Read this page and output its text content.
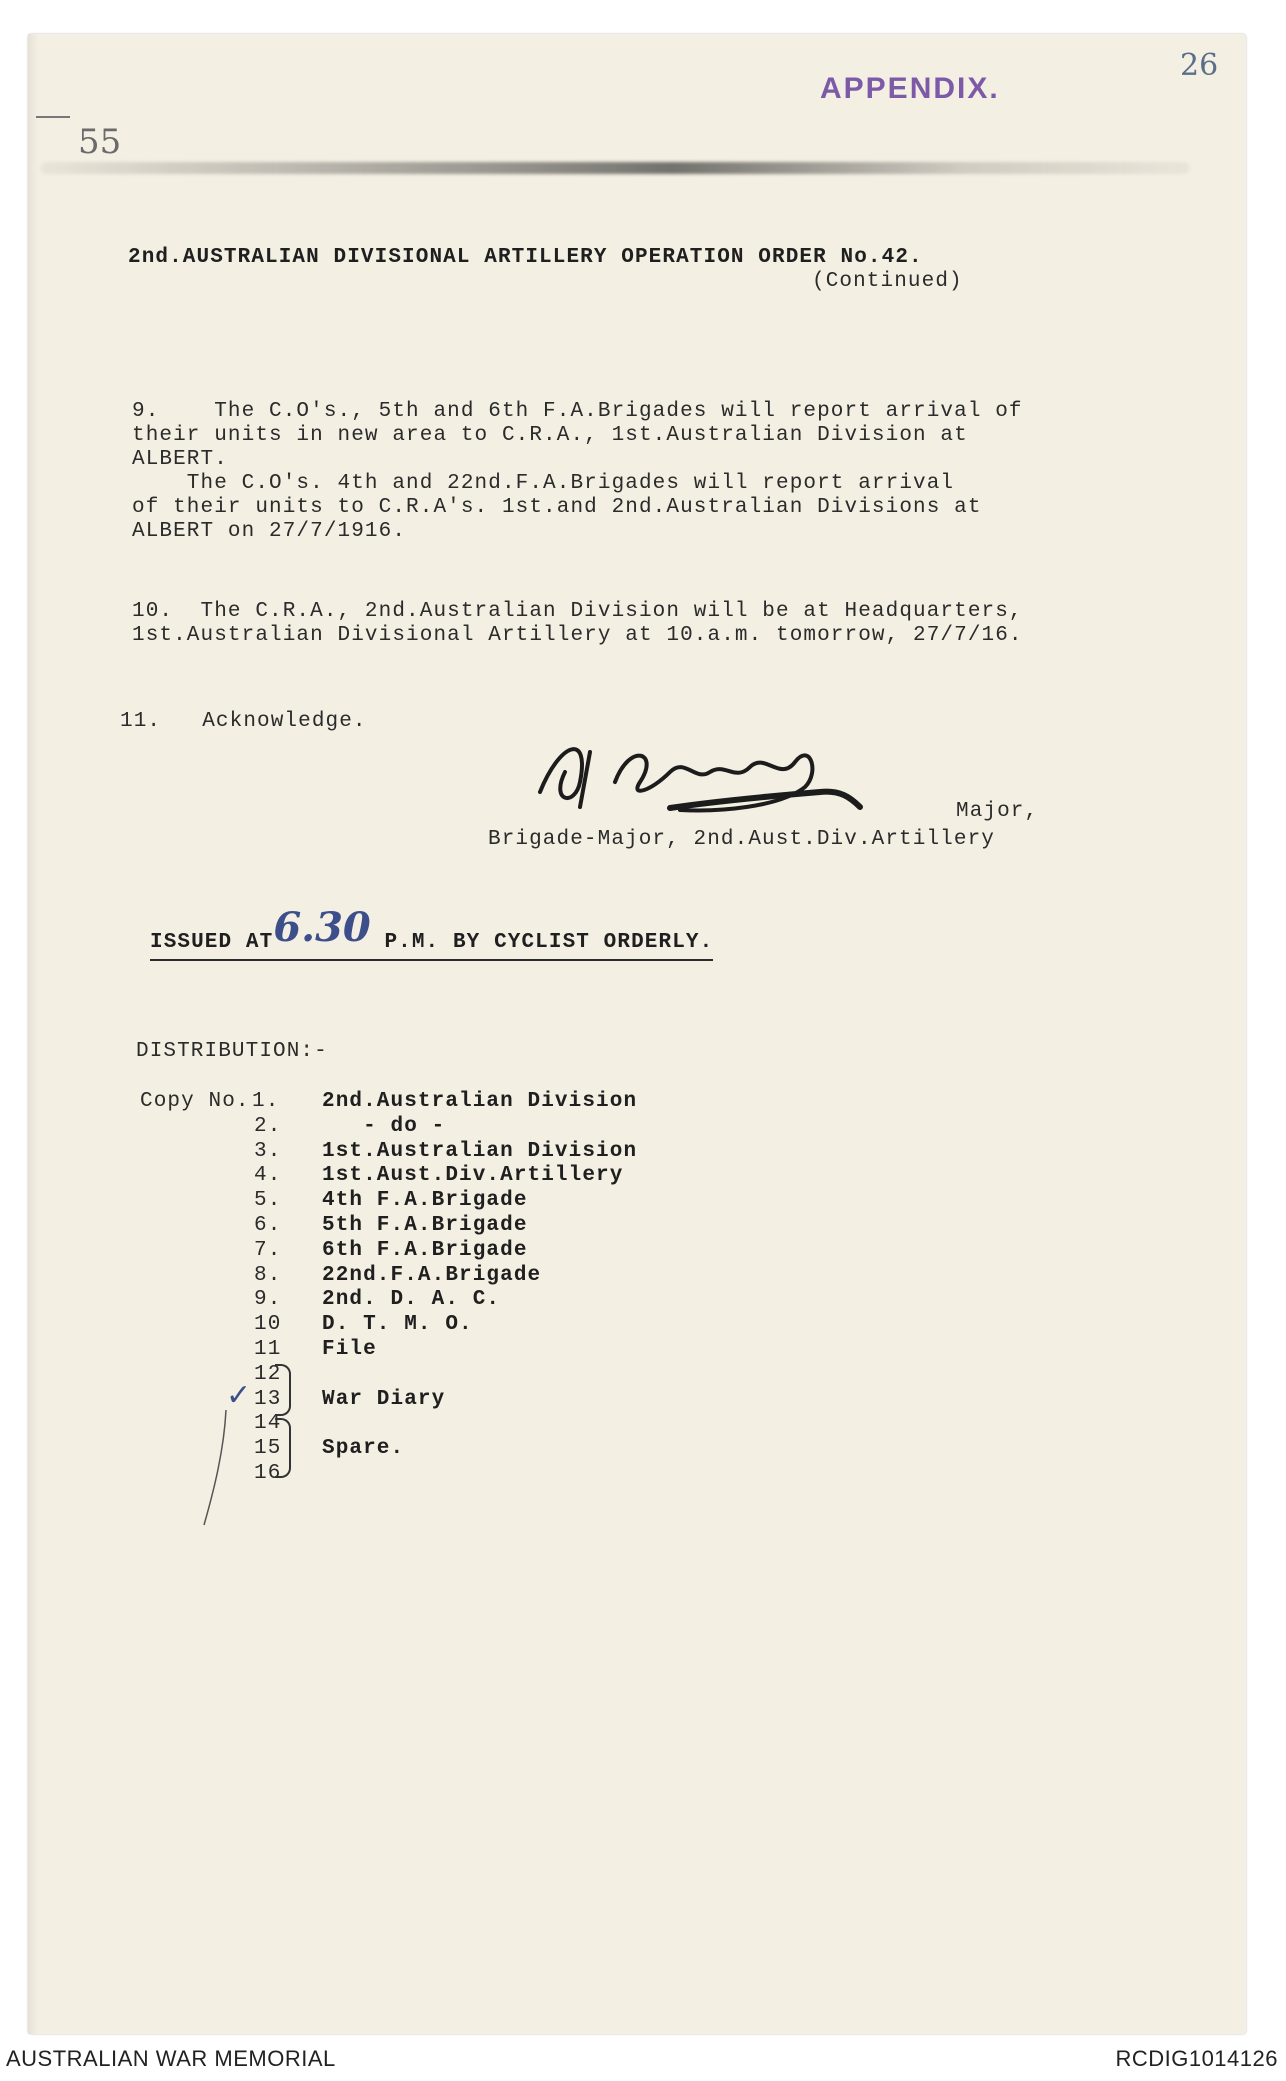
55
APPENDIX.
26
2nd.AUSTRALIAN DIVISIONAL ARTILLERY OPERATION ORDER No.42.
(Continued)
9.    The C.O's., 5th and 6th F.A.Brigades will report arrival of
their units in new area to C.R.A., 1st.Australian Division at
ALBERT.
The C.O's. 4th and 22nd.F.A.Brigades will report arrival
of their units to C.R.A's. 1st.and 2nd.Australian Divisions at
ALBERT on 27/7/1916.
10.  The C.R.A., 2nd.Australian Division will be at Headquarters,
1st.Australian Divisional Artillery at 10.a.m. tomorrow, 27/7/16.
11.   Acknowledge.
Major,
Brigade-Major, 2nd.Aust.Div.Artillery
ISSUED AT6.30 P.M. BY CYCLIST ORDERLY.
DISTRIBUTION:-
Copy No. 1. 2nd.Australian Division
2. - do -
3. 1st.Australian Division
4. 1st.Aust.Div.Artillery
5. 4th F.A.Brigade
6. 5th F.A.Brigade
7. 6th F.A.Brigade
8. 22nd.F.A.Brigade
9. 2nd. D. A. C.
10 D. T. M. O.
11 File
12
13 War Diary
14
15 Spare.
16
✓
AUSTRALIAN WAR MEMORIAL	RCDIG1014126
